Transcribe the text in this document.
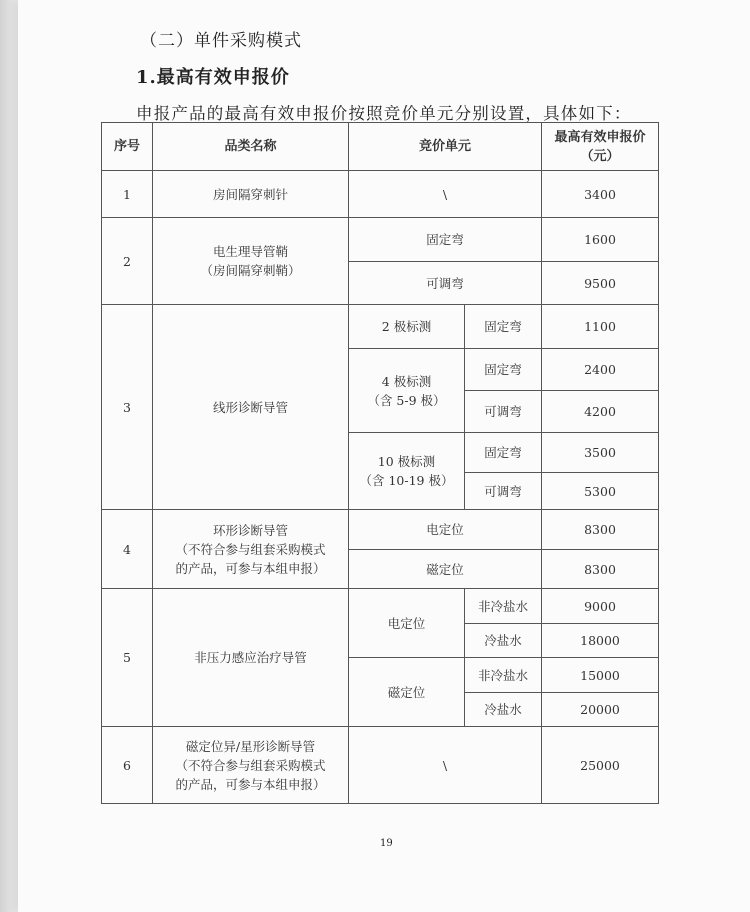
（二）单件采购模式
1.最高有效申报价
申报产品的最高有效申报价按照竞价单元分别设置，具体如下：
序号	品类名称	竞价单元		最高有效申报价
（元）

1	房间隔穿刺针	\		3400
2	电生理导管鞘
（房间隔穿刺鞘）	固定弯		1600
		可调弯		9500
3	线形诊断导管	2 极标测	固定弯	1100

		4 极标测
（含 5-9 极）	固定弯	2400
			可调弯	4200

		10 极标测
（含 10-19 极）	固定弯	3500
			可调弯	5300
4	环形诊断导管
（不符合参与组套采购模式
的产品，可参与本组申报）	电定位		8300
		磁定位		8300
5	非压力感应治疗导管	电定位	非冷盐水	9000
			冷盐水	18000
		磁定位	非冷盐水	15000
			冷盐水	20000
6	磁定位异/星形诊断导管
（不符合参与组套采购模式
的产品，可参与本组申报）	\		25000
19
